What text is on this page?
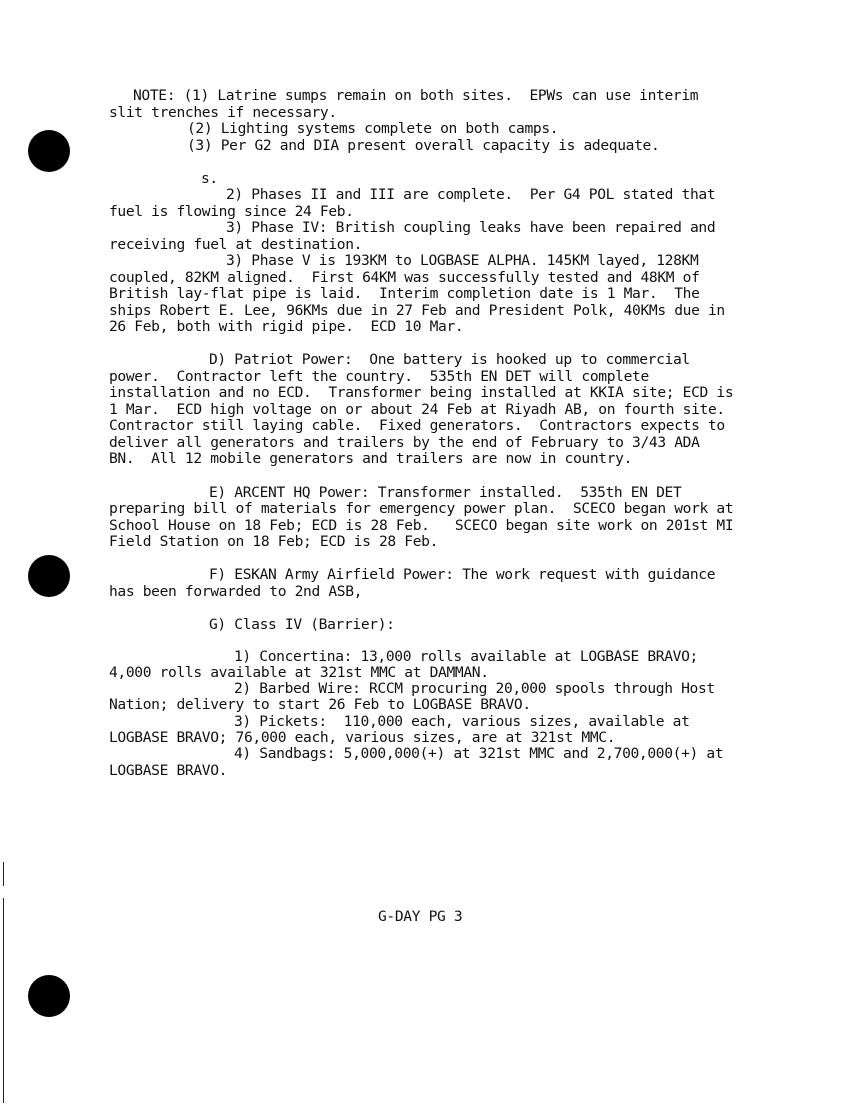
NOTE: (1) Latrine sumps remain on both sites.  EPWs can use interim
slit trenches if necessary.
(2) Lighting systems complete on both camps.
(3) Per G2 and DIA present overall capacity is adequate.
s.
2) Phases II and III are complete.  Per G4 POL stated that
fuel is flowing since 24 Feb.
3) Phase IV: British coupling leaks have been repaired and
receiving fuel at destination.
3) Phase V is 193KM to LOGBASE ALPHA. 145KM layed, 128KM
coupled, 82KM aligned.  First 64KM was successfully tested and 48KM of
British lay-flat pipe is laid.  Interim completion date is 1 Mar.  The
ships Robert E. Lee, 96KMs due in 27 Feb and President Polk, 40KMs due in
26 Feb, both with rigid pipe.  ECD 10 Mar.
D) Patriot Power:  One battery is hooked up to commercial
power.  Contractor left the country.  535th EN DET will complete
installation and no ECD.  Transformer being installed at KKIA site; ECD is
1 Mar.  ECD high voltage on or about 24 Feb at Riyadh AB, on fourth site.
Contractor still laying cable.  Fixed generators.  Contractors expects to
deliver all generators and trailers by the end of February to 3/43 ADA
BN.  All 12 mobile generators and trailers are now in country.
E) ARCENT HQ Power: Transformer installed.  535th EN DET
preparing bill of materials for emergency power plan.  SCECO began work at
School House on 18 Feb; ECD is 28 Feb.   SCECO began site work on 201st MI
Field Station on 18 Feb; ECD is 28 Feb.
F) ESKAN Army Airfield Power: The work request with guidance
has been forwarded to 2nd ASB,
G) Class IV (Barrier):
1) Concertina: 13,000 rolls available at LOGBASE BRAVO;
4,000 rolls available at 321st MMC at DAMMAN.
2) Barbed Wire: RCCM procuring 20,000 spools through Host
Nation; delivery to start 26 Feb to LOGBASE BRAVO.
3) Pickets:  110,000 each, various sizes, available at
LOGBASE BRAVO; 76,000 each, various sizes, are at 321st MMC.
4) Sandbags: 5,000,000(+) at 321st MMC and 2,700,000(+) at
LOGBASE BRAVO.
G-DAY PG 3
